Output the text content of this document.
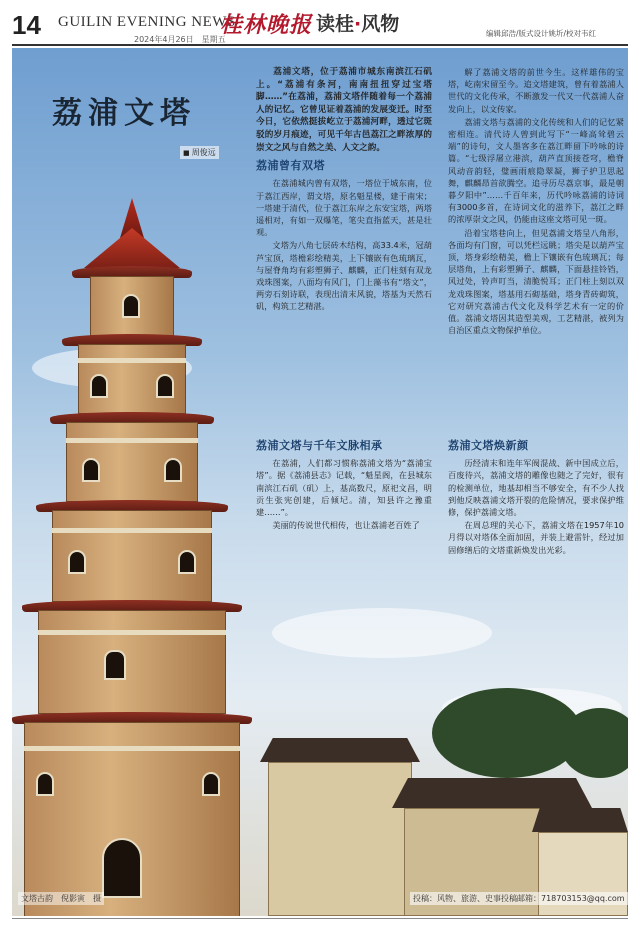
14 GUILIN EVENING NEWS
2024年4月26日　星期五
桂林晚报 读桂·风物	编辑邱浩/版式设计姚圻/校对韦红
荔浦文塔
■ 周俊远

荔浦文塔，位于荔浦市城东南滨江石矶上。“荔浦有条河，南南扭扭穿过宝塔脚……”在荔浦，荔浦文塔伴随着每一个荔浦人的记忆。它曾见证着荔浦的发展变迁。时至今日，它依然挺拔屹立于荔浦河畔，透过它斑驳的岁月痕迹，可见千年古邑荔江之畔浓厚的崇文之风与自然之美、人文之韵。

荔浦曾有双塔

在荔浦城内曾有双塔，一塔位于城东南，位于荔江西岸，谓文塔，原名魁星楼，建于南宋；一塔建于清代，位于荔江东岸之东安宝塔，两塔遥相对，有如一双爆笔，笔尖直指蓝天，甚是壮观。

文塔为八角七层砖木结构，高33.4米，冠葫芦宝顶，塔檐彩绘精美，上下镶嵌有色琉璃瓦，与屋脊角均有彩塑狮子、麒麟，正门柱刻有双龙戏珠图案，八面均有风门，门上藻书有“塔文”，两旁石刻诗联，表现出清末风貌，塔基为天然石矶，构筑工艺精湛。

解了荔浦文塔的前世今生。这样雄伟的宝塔，屹南宋留至今。追文塔建筑，曾有着荔浦人世代的文化传承，不断激发一代又一代荔浦人奋发向上，以文传家。

荔浦文塔与荔浦的文化传统和人们的记忆紧密相连。清代诗人曾到此写下“一峰高耸碧云端”的诗句，文人墨客多在荔江畔留下吟咏的诗篇。“七级浮屠立港滨，葫芦直顶接苍穹，檐脊风动音韵轻，璧画雨痕隐翠凝，狮子护卫思起舞，麒麟昂首欲腾空。追寻历尽荔京事，最是朝暮夕阳中”……千百年来，历代吟咏荔浦的诗词有3000多首，在诗词文化的滋养下，荔江之畔的浓厚崇文之风，仍能由这座文塔可见一斑。

沿着宝塔巷向上，但见荔浦文塔呈八角形，各面均有门窗，可以凭栏远眺；塔尖是以葫芦宝顶，塔身彩绘精美，檐上下镶嵌有色琉璃瓦；每层塔角，上有彩塑狮子、麒麟，下面悬挂铃铛，风过处，铃声叮当，清脆悦耳；正门柱上刻以双龙戏珠图案，塔基用石砌基础，塔身青砖砌筑，它对研究荔浦古代文化及科学艺术有一定的价值。荔浦文塔因其造型美观，工艺精湛，被列为自治区重点文物保护单位。

荔浦文塔与千年文脉相承

在荔浦，人们都习惯称荔浦文塔为“荔浦宝塔”。据《荔浦县志》记载，“魁星阁，在县城东南滨江石矶（矶）上，基高数尺，原祀文昌，明贡生张宪创建，后倾圮。清，知县许之豫重建……”。

美丽的传说世代相传，也让荔浦老百姓了

荔浦文塔焕新颜

历经清末和连年军阀混战、新中国成立后，百废待兴，荔浦文塔的雕像也随之了完好，很有的检测单位，地基却相当不够安全，有不少人找到他反映荔浦文塔开裂的危险情况，要求保护维修，保护荔浦文塔。

在周总理的关心下，荔浦文塔在1957年10月得以对塔体全面加固，并装上避雷针，经过加固修缮后的文塔重新焕发出光彩。

文塔古韵　倪影寅　摄	投稿：风物、旅游、史事投稿邮箱：718703153@qq.com
